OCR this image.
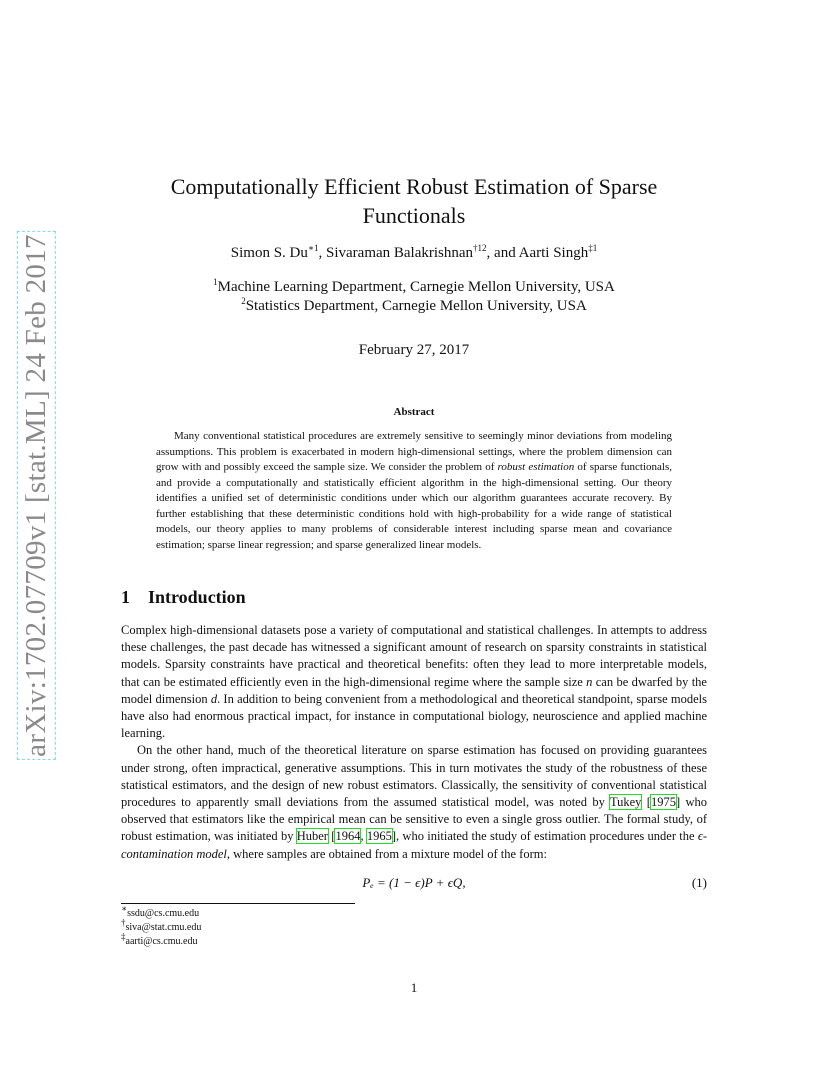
arXiv:1702.07709v1 [stat.ML] 24 Feb 2017
Computationally Efficient Robust Estimation of Sparse Functionals
Simon S. $Du^{∗1}$, Sivaraman Balakrishnan$^{\dagger 12}$, and Aarti Singh$^{\ddagger 1}$
$^1$Machine Learning Department, Carnegie Mellon University, USA
$^2$Statistics Department, Carnegie Mellon University, USA
February 27, 2017
Abstract

Many conventional statistical procedures are extremely sensitive to seemingly minor deviations from modeling assumptions. This problem is exacerbated in modern high-dimensional settings, where the problem dimension can grow with and possibly exceed the sample size. We consider the problem of robust estimation of sparse functionals, and provide a computationally and statistically efficient algorithm in the high-dimensional setting. Our theory identifies a unified set of deterministic conditions under which our algorithm guarantees accurate recovery. By further establishing that these deterministic conditions hold with high-probability for a wide range of statistical models, our theory applies to many problems of considerable interest including sparse mean and covariance estimation; sparse linear regression; and sparse generalized linear models.

1 Introduction

Complex high-dimensional datasets pose a variety of computational and statistical challenges. In attempts to address these challenges, the past decade has witnessed a significant amount of research on sparsity constraints in statistical models. Sparsity constraints have practical and theoretical benefits: often they lead to more interpretable models, that can be estimated efficiently even in the high-dimensional regime where the sample size n can be dwarfed by the model dimension d. In addition to being convenient from a methodological and theoretical standpoint, sparse models have also had enormous practical impact, for instance in computational biology, neuroscience and applied machine learning.

On the other hand, much of the theoretical literature on sparse estimation has focused on providing guarantees under strong, often impractical, generative assumptions. This in turn motivates the study of the robustness of these statistical estimators, and the design of new robust estimators. Classically, the sensitivity of conventional statistical procedures to apparently small deviations from the assumed statistical model, was noted by Tukey [1975] who observed that estimators like the empirical mean can be sensitive to even a single gross outlier. The formal study, of robust estimation, was initiated by Huber [1964, 1965], who initiated the study of estimation procedures under the ϵ-contamination model, where samples are obtained from a mixture model of the form:

Pₑ = (1 − ϵ)P + ϵQ,	(1)
∗ssdu@cs.cmu.edu
†siva@stat.cmu.edu
‡aarti@cs.cmu.edu
1
